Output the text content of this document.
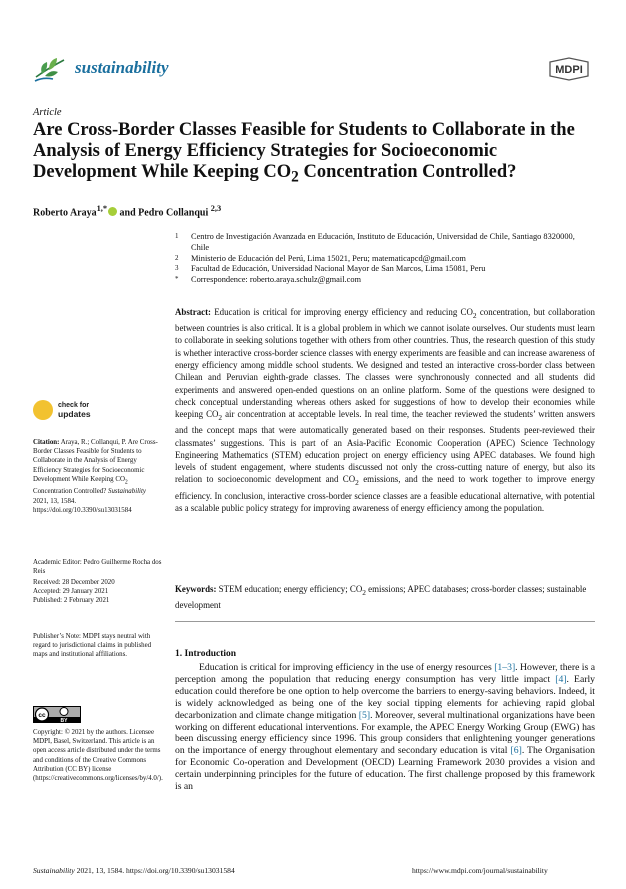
sustainability	MDPI
Article
Are Cross-Border Classes Feasible for Students to Collaborate in the Analysis of Energy Efficiency Strategies for Socioeconomic Development While Keeping $CO_2$ Concentration Controlled?
Roberto Araya$^{1,*}$ and Pedro Collanqui $^{2,3}$
1 Centro de Investigación Avanzada en Educación, Instituto de Educación, Universidad de Chile, Santiago 8320000, Chile
2 Ministerio de Educación del Perú, Lima 15021, Peru; matematicapcd@gmail.com
3 Facultad de Educación, Universidad Nacional Mayor de San Marcos, Lima 15081, Peru
* Correspondence: roberto.araya.schulz@gmail.com
Abstract: Education is critical for improving energy efficiency and reducing $CO_2$ concentration, but collaboration between countries is also critical. It is a global problem in which we cannot isolate ourselves. Our students must learn to collaborate in seeking solutions together with others from other countries. Thus, the research question of this study is whether interactive cross-border science classes with energy experiments are feasible and can increase awareness of energy efficiency among middle school students. We designed and tested an interactive cross-border class between Chilean and Peruvian eighth-grade classes. The classes were synchronously connected and all students did experiments and answered open-ended questions on an online platform. Some of the questions were designed to check conceptual understanding whereas others asked for suggestions of how to develop their economies while keeping $CO_2$ air concentration at acceptable levels. In real time, the teacher reviewed the students’ written answers and the concept maps that were automatically generated based on their responses. Students peer-reviewed their classmates’ suggestions. This is part of an Asia-Pacific Economic Cooperation (APEC) Science Technology Engineering Mathematics (STEM) education project on energy efficiency using APEC databases. We found high levels of student engagement, where students discussed not only the cross-cutting nature of energy, but also its relation to socioeconomic development and $CO_2$ emissions, and the need to work together to improve energy efficiency. In conclusion, interactive cross-border science classes are a feasible educational alternative, with potential as a scalable public policy strategy for improving awareness of energy efficiency among the population.
Keywords: STEM education; energy efficiency; $CO_2$ emissions; APEC databases; cross-border classes; sustainable development
1. Introduction

Education is critical for improving efficiency in the use of energy resources [1–3]. However, there is a perception among the population that reducing energy consumption has very little impact [4]. Early education could therefore be one option to help overcome the barriers to energy-saving behaviors. Indeed, it is widely acknowledged as being one of the key social tipping elements for achieving rapid global decarbonization and climate change mitigation [5]. Moreover, several multinational organizations have been working on different educational interventions. For example, the APEC Energy Working Group (EWG) has been discussing energy efficiency since 1996. This group considers that enlightening younger generations on the importance of energy throughout elementary and secondary education is vital [6]. The Organisation for Economic Co-operation and Development (OECD) Learning Framework 2030 provides a vision and certain underpinning principles for the future of education. The first challenge proposed by this framework is an

check for
updates
Citation: Araya, R.; Collanqui, P. Are Cross-Border Classes Feasible for Students to Collaborate in the Analysis of Energy Efficiency Strategies for Socioeconomic Development While Keeping $CO_2$ Concentration Controlled? Sustainability 2021, 13, 1584. https://doi.org/10.3390/su13031584
Academic Editor: Pedro Guilherme Rocha dos Reis
Received: 28 December 2020
Accepted: 29 January 2021
Published: 2 February 2021
Publisher’s Note: MDPI stays neutral with regard to jurisdictional claims in published maps and institutional affiliations.
cc
BY
Copyright: © 2021 by the authors. Licensee MDPI, Basel, Switzerland. This article is an open access article distributed under the terms and conditions of the Creative Commons Attribution (CC BY) license (https://creativecommons.org/licenses/by/4.0/).
Sustainability 2021, 13, 1584. https://doi.org/10.3390/su13031584	https://www.mdpi.com/journal/sustainability
